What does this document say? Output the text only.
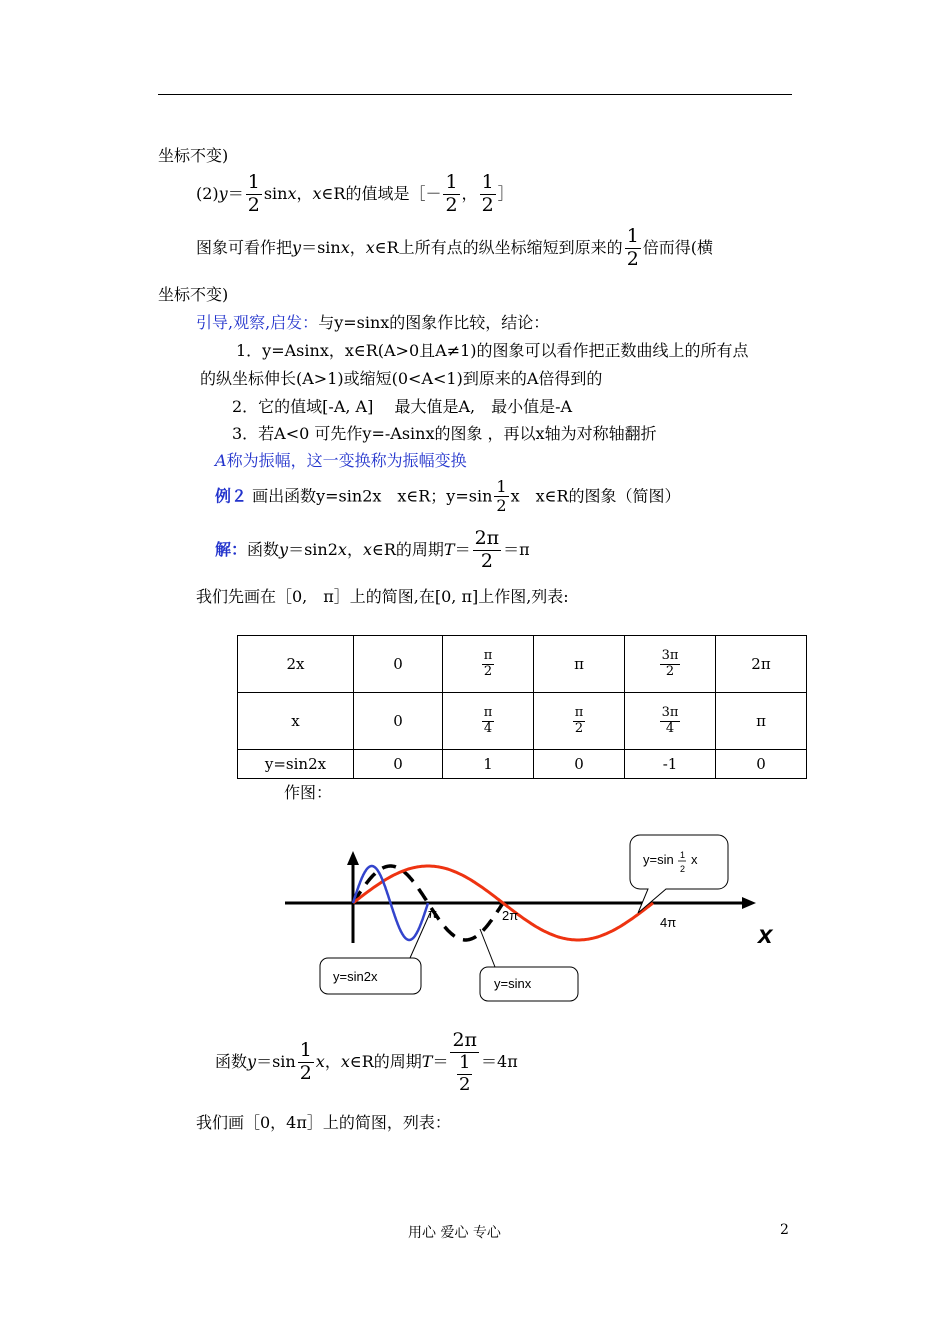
坐标不变)
$(2)y= \frac{1}{2}$ sinx，x∈R的值域是［－ $\frac{1}{2}$ ， $\frac{1}{2}$ ］
图象可看作把y＝sinx，x∈R上所有点的纵坐标缩短到原来的 $\frac{1}{2}$ 倍而得(横
坐标不变)
引导,观察,启发：与y=sinx的图象作比较，结论：
1．y=Asinx，x∈R(A>0且A≠1)的图象可以看作把正数曲线上的所有点
的纵坐标伸长(A>1)或缩短(0<A<1)到原来的A倍得到的
2．它的值域[-A, A]　 最大值是A,　最小值是-A
3．若A<0 可先作y=-Asinx的图象 ，再以x轴为对称轴翻折
A称为振幅，这一变换称为振幅变换
例２ 画出函数y=sin2x　x∈R；$y=\sin \frac{1}{2}$ x　x∈R的图象（简图）
解：函数y＝sin2x，x∈R的周期$T= \frac{2\pi}{2} =\pi$
我们先画在［0,　π］上的简图,在[0, π]上作图,列表:
2x	0	$\frac{\pi}{2}$	π	$\frac{3\pi}{2}$	2π
x	0	$\frac{\pi}{4}$	$\frac{\pi}{2}$	$\frac{3\pi}{4}$	π
y=sin2x	0	1	0	-1	0
作图：
π	2π	4π	x
y=sin 1
2
x
y=sin2x	y=sinx
函数$y=\sin \frac{1}{2}$ x，x∈R的周期$T= \frac{2\pi}{\frac{1}{2}} =4\pi$
我们画［0，4π］上的简图，列表：
用心 爱心 专心	2
